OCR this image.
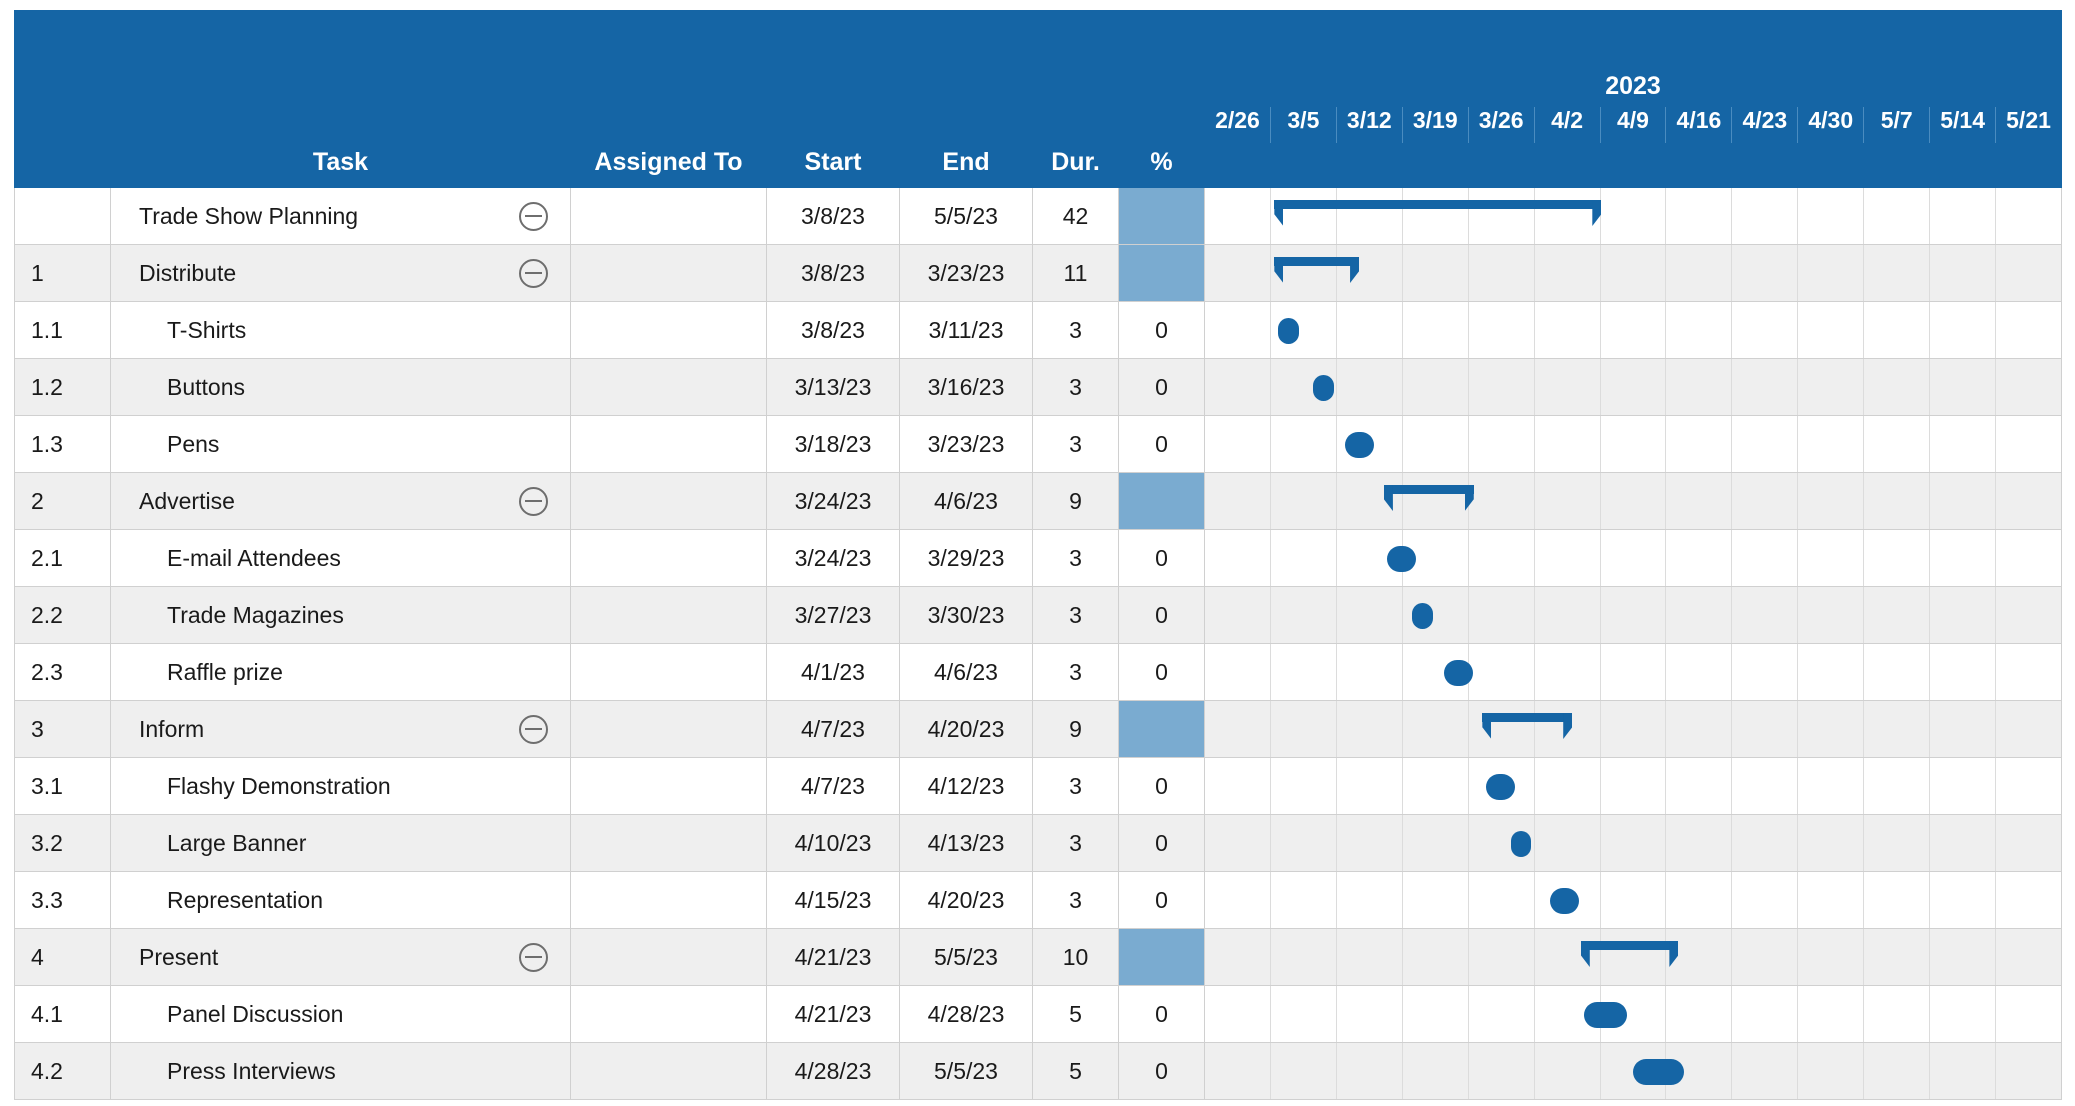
	Task	Assigned To	Start	End	Dur.	%	
2023
2/26	3/5	3/12 3/19 3/26	4/2	4/9	4/16 4/23 4/30	5/7	5/14 5/21

	Trade Show Planning		3/8/23	5/5/23	42		

1	Distribute		3/8/23	3/23/23	11		

1.1	T-Shirts		3/8/23	3/11/23	3	0	

1.2	Buttons		3/13/23	3/16/23	3	0	

1.3	Pens		3/18/23	3/23/23	3	0	

2	Advertise		3/24/23	4/6/23	9		

2.1	E-mail Attendees		3/24/23	3/29/23	3	0	

2.2	Trade Magazines		3/27/23	3/30/23	3	0	

2.3	Raffle prize		4/1/23	4/6/23	3	0	

3	Inform		4/7/23	4/20/23	9		

3.1	Flashy Demonstration		4/7/23	4/12/23	3	0	

3.2	Large Banner		4/10/23	4/13/23	3	0	

3.3	Representation		4/15/23	4/20/23	3	0	

4	Present		4/21/23	5/5/23	10		

4.1	Panel Discussion		4/21/23	4/28/23	5	0	

4.2	Press Interviews		4/28/23	5/5/23	5	0	
